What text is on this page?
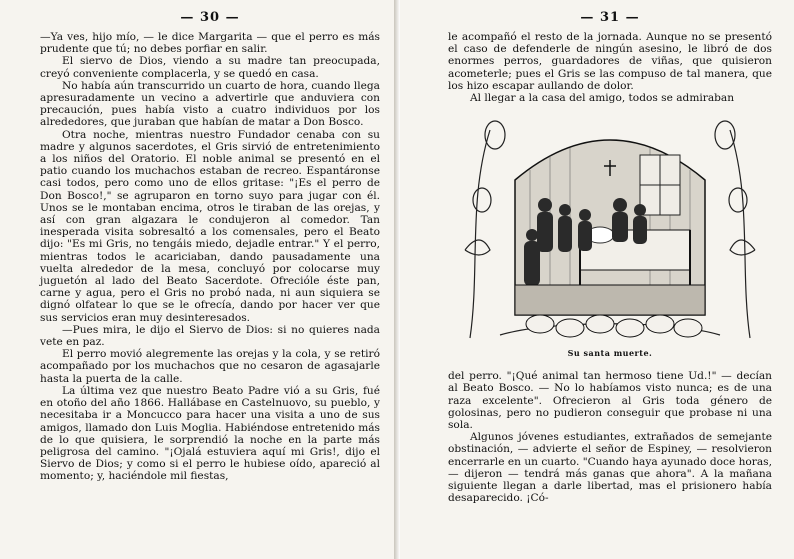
— 30 —

—Ya ves, hijo mío, — le dice Margarita — que el perro es más prudente que tú; no debes porfiar en salir.

El siervo de Dios, viendo a su madre tan preocupada, creyó conveniente complacerla, y se quedó en casa.

No había aún transcurrido un cuarto de hora, cuando llega apresuradamente un vecino a advertirle que anduviera con precaución, pues había visto a cuatro individuos por los alrededores, que juraban que habían de matar a Don Bosco.

Otra noche, mientras nuestro Fundador cenaba con su madre y algunos sacerdotes, el Gris sirvió de entretenimiento a los niños del Oratorio. El noble animal se presentó en el patio cuando los muchachos estaban de recreo. Espantáronse casi todos, pero como uno de ellos gritase: "¡Es el perro de Don Bosco!," se agruparon en torno suyo para jugar con él. Unos se le montaban encima, otros le tiraban de las orejas, y así con gran algazara le condujeron al comedor. Tan inesperada visita sobresaltó a los comensales, pero el Beato dijo: "Es mi Gris, no tengáis miedo, dejadle entrar." Y el perro, mientras todos le acariciaban, dando pausadamente una vuelta alrededor de la mesa, concluyó por colocarse muy juguetón al lado del Beato Sacerdote. Ofrecióle éste pan, carne y agua, pero el Gris no probó nada, ni aun siquiera se dignó olfatear lo que se le ofrecía, dando por hacer ver que sus servicios eran muy desinteresados.

—Pues mira, le dijo el Siervo de Dios: si no quieres nada vete en paz.

El perro movió alegremente las orejas y la cola, y se retiró acompañado por los muchachos que no cesaron de agasajarle hasta la puerta de la calle.

La última vez que nuestro Beato Padre vió a su Gris, fué en otoño del año 1866. Hallábase en Castelnuovo, su pueblo, y necesitaba ir a Moncucco para hacer una visita a uno de sus amigos, llamado don Luis Moglia. Habiéndose entretenido más de lo que quisiera, le sorprendió la noche en la parte más peligrosa del camino. "¡Ojalá estuviera aquí mi Gris!, dijo el Siervo de Dios; y como si el perro le hubiese oído, apareció al momento; y, haciéndole mil fiestas,

— 31 —

le acompañó el resto de la jornada. Aunque no se presentó el caso de defenderle de ningún asesino, le libró de dos enormes perros, guardadores de viñas, que quisieron acometerle; pues el Gris se las compuso de tal manera, que los hizo escapar aullando de dolor.

Al llegar a la casa del amigo, todos se admiraban

Su santa muerte.

del perro. "¡Qué animal tan hermoso tiene Ud.!" — decían al Beato Bosco. — No lo habíamos visto nunca; es de una raza excelente". Ofrecieron al Gris toda género de golosinas, pero no pudieron conseguir que probase ni una sola.

Algunos jóvenes estudiantes, extrañados de semejante obstinación, — advierte el señor de Espiney, — resolvieron encerrarle en un cuarto. "Cuando haya ayunado doce horas, — dijeron — tendrá más ganas que ahora". A la mañana siguiente llegan a darle libertad, mas el prisionero había desaparecido. ¡Có-
